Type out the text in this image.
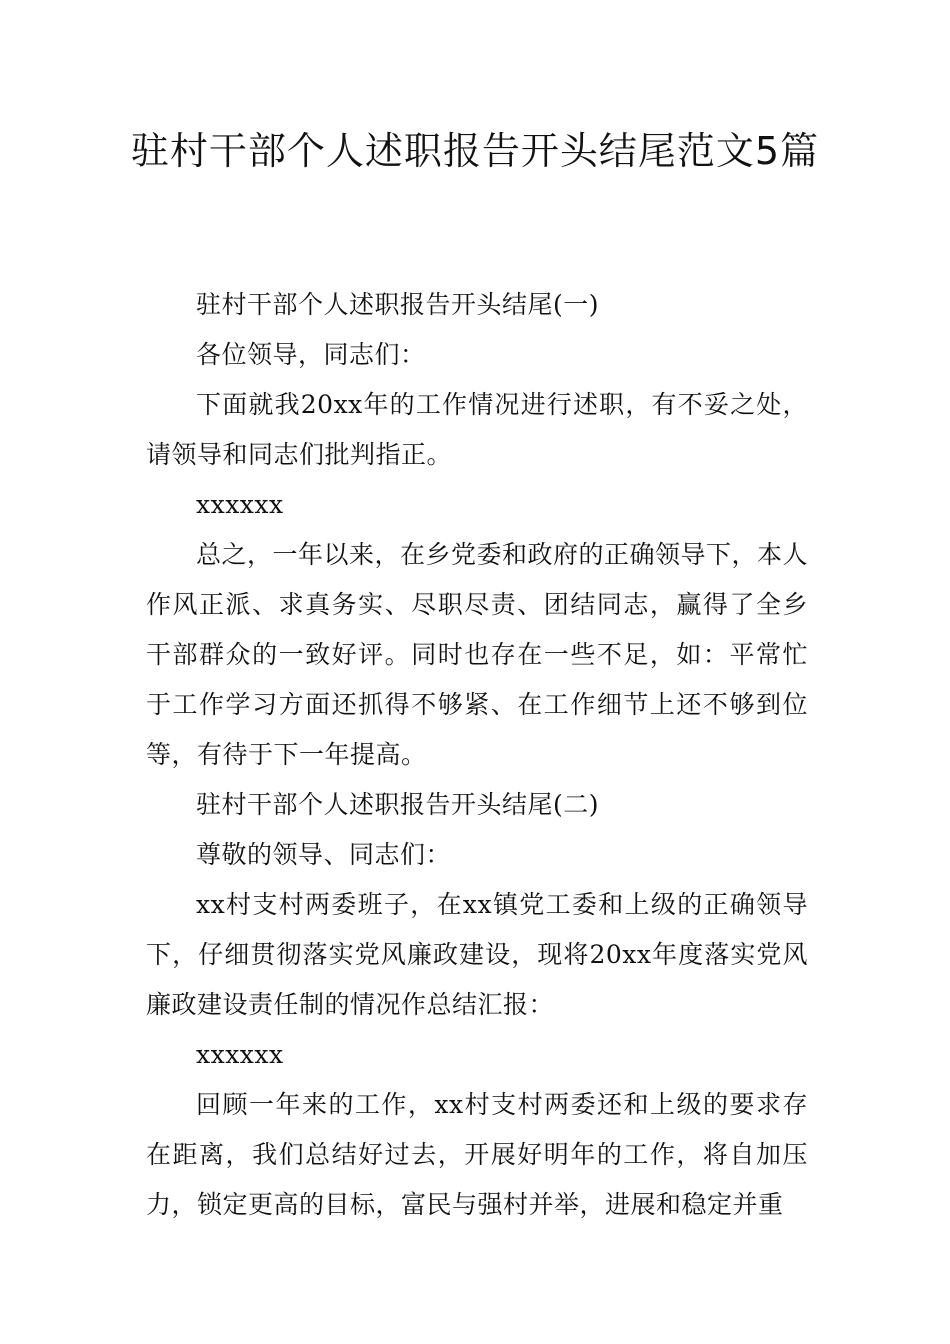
驻村干部个人述职报告开头结尾范文5篇

驻村干部个人述职报告开头结尾(一)

各位领导，同志们：

下面就我20xx年的工作情况进行述职，有不妥之处，请领导和同志们批判指正。

xxxxxx

总之，一年以来，在乡党委和政府的正确领导下，本人作风正派、求真务实、尽职尽责、团结同志，赢得了全乡干部群众的一致好评。同时也存在一些不足，如：平常忙于工作学习方面还抓得不够紧、在工作细节上还不够到位等，有待于下一年提高。

驻村干部个人述职报告开头结尾(二)

尊敬的领导、同志们：

xx村支村两委班子，在xx镇党工委和上级的正确领导下，仔细贯彻落实党风廉政建设，现将20xx年度落实党风廉政建设责任制的情况作总结汇报：

xxxxxx

回顾一年来的工作，xx村支村两委还和上级的要求存在距离，我们总结好过去，开展好明年的工作，将自加压力，锁定更高的目标，富民与强村并举，进展和稳定并重
